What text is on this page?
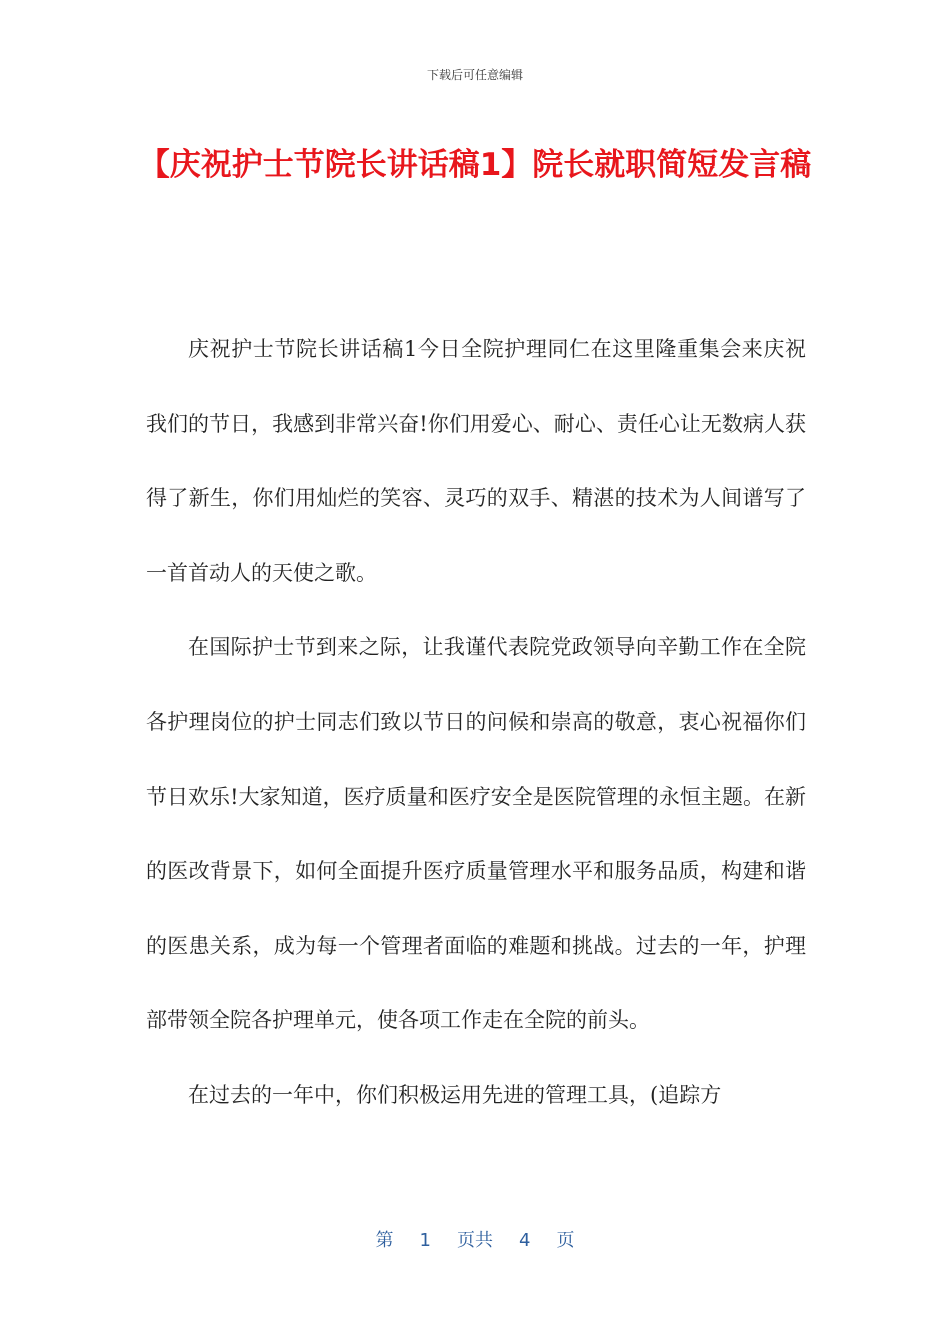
下载后可任意编辑
【庆祝护士节院长讲话稿1】院长就职简短发言稿

庆祝护士节院长讲话稿1今日全院护理同仁在这里隆重集会来庆祝我们的节日，我感到非常兴奋!你们用爱心、耐心、责任心让无数病人获得了新生，你们用灿烂的笑容、灵巧的双手、精湛的技术为人间谱写了一首首动人的天使之歌。

在国际护士节到来之际，让我谨代表院党政领导向辛勤工作在全院各护理岗位的护士同志们致以节日的问候和崇高的敬意，衷心祝福你们节日欢乐!大家知道，医疗质量和医疗安全是医院管理的永恒主题。在新的医改背景下，如何全面提升医疗质量管理水平和服务品质，构建和谐的医患关系，成为每一个管理者面临的难题和挑战。过去的一年，护理部带领全院各护理单元，使各项工作走在全院的前头。

在过去的一年中，你们积极运用先进的管理工具，(追踪方

第 1 页共 4 页
